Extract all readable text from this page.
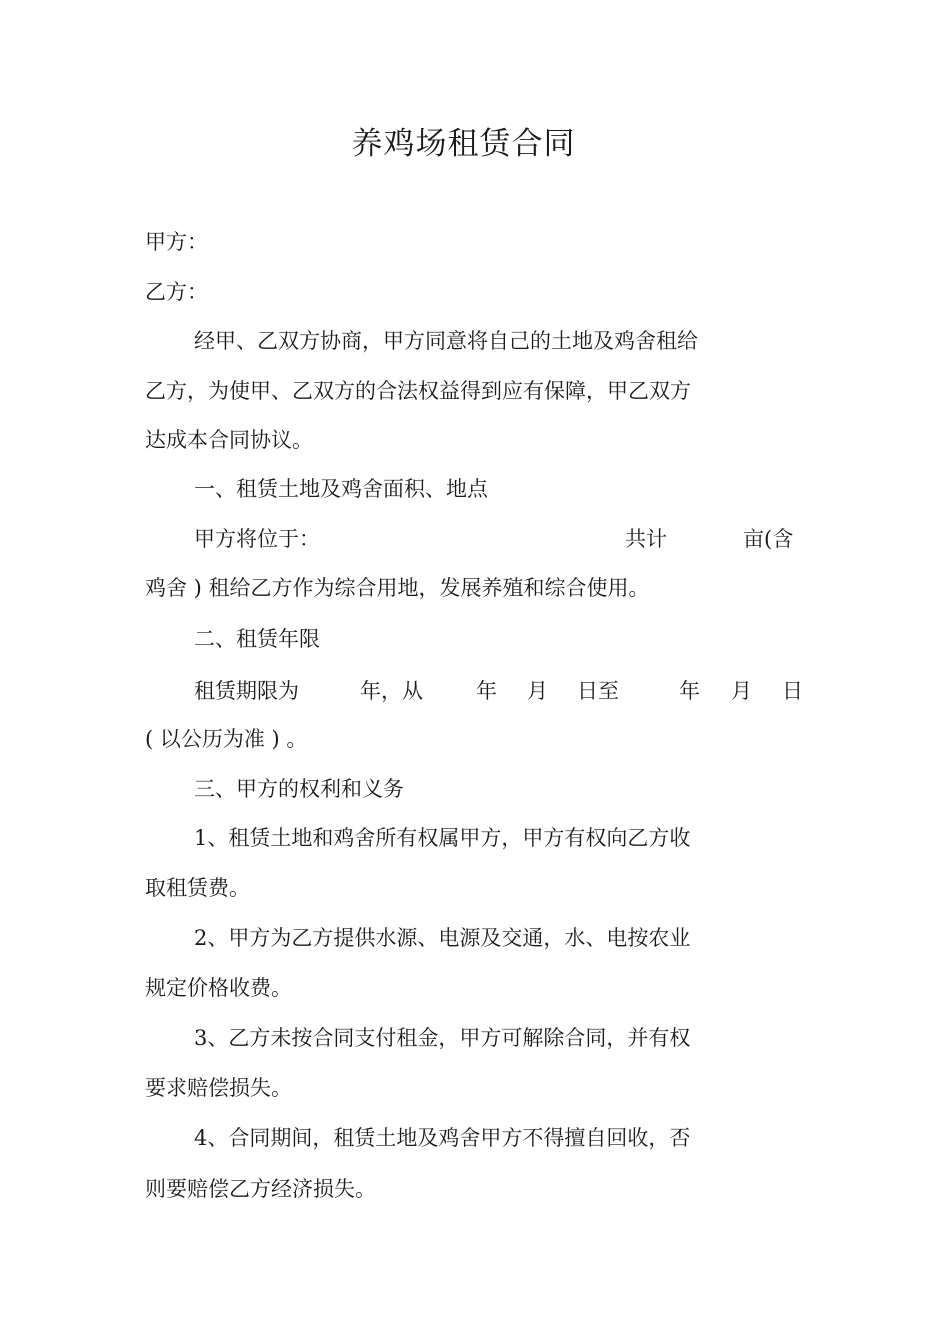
养鸡场租赁合同
甲方：
乙方：
经甲、乙双方协商，甲方同意将自己的土地及鸡舍租给
乙方，为使甲、乙双方的合法权益得到应有保障，甲乙双方
达成本合同协议。
一、租赁土地及鸡舍面积、地点
甲方将位于：	共计	亩(含
鸡舍 ) 租给乙方作为综合用地，发展养殖和综合使用。
二、租赁年限
租赁期限为	年，从	年 月 日至	年 月 日
( 以公历为准 ) 。
三、甲方的权利和义务
1、租赁土地和鸡舍所有权属甲方，甲方有权向乙方收
取租赁费。
2、甲方为乙方提供水源、电源及交通，水、电按农业
规定价格收费。
3、乙方未按合同支付租金，甲方可解除合同，并有权
要求赔偿损失。
4、合同期间，租赁土地及鸡舍甲方不得擅自回收，否
则要赔偿乙方经济损失。
